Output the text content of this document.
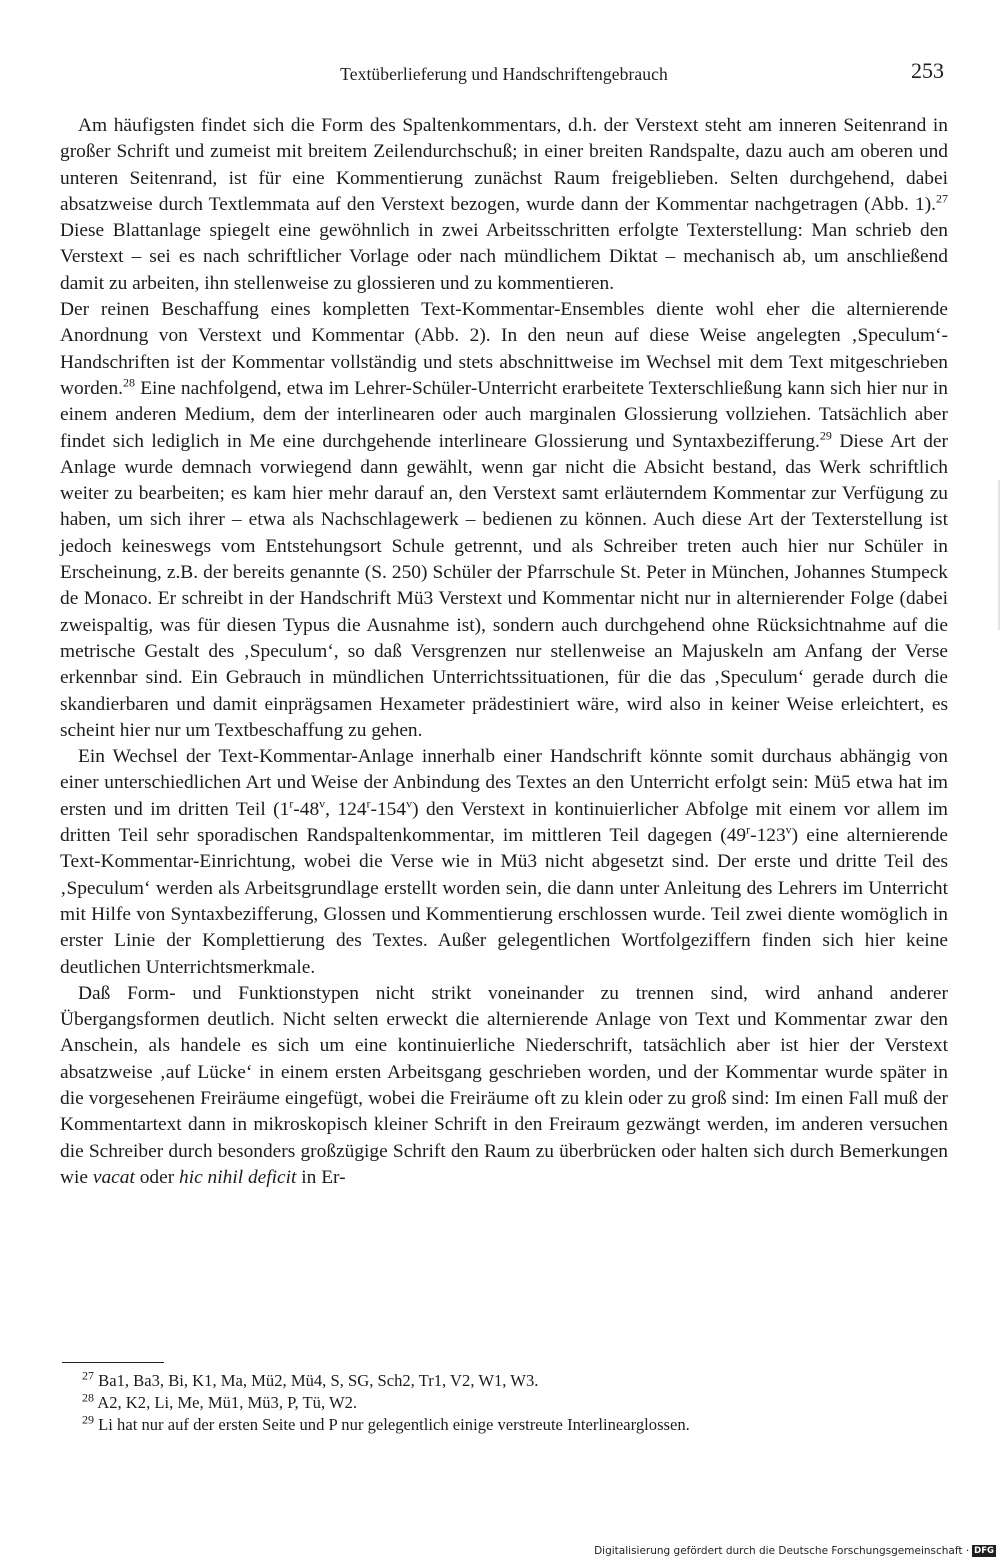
Textüberlieferung und Handschriftengebrauch	253

Am häufigsten findet sich die Form des Spaltenkommentars, d.h. der Verstext steht am inneren Seitenrand in großer Schrift und zumeist mit breitem Zeilendurchschuß; in einer breiten Randspalte, dazu auch am oberen und unteren Seitenrand, ist für eine Kommentierung zunächst Raum freigeblieben. Selten durchgehend, dabei absatzweise durch Textlemmata auf den Verstext bezogen, wurde dann der Kommentar nachgetragen (Abb. 1).$^{27}$ Diese Blattanlage spiegelt eine gewöhnlich in zwei Arbeitsschritten erfolgte Texterstellung: Man schrieb den Verstext – sei es nach schriftlicher Vorlage oder nach mündlichem Diktat – mechanisch ab, um anschließend damit zu arbeiten, ihn stellenweise zu glossieren und zu kommentieren.

Der reinen Beschaffung eines kompletten Text-Kommentar-Ensembles diente wohl eher die alternierende Anordnung von Verstext und Kommentar (Abb. 2). In den neun auf diese Weise angelegten ‚Speculum‘-Handschriften ist der Kommentar vollständig und stets abschnittweise im Wechsel mit dem Text mitgeschrieben worden.$^{28}$ Eine nachfolgend, etwa im Lehrer-Schüler-Unterricht erarbeitete Texterschließung kann sich hier nur in einem anderen Medium, dem der interlinearen oder auch marginalen Glossierung vollziehen. Tatsächlich aber findet sich lediglich in Me eine durchgehende interlineare Glossierung und Syntaxbezifferung.$^{29}$ Diese Art der Anlage wurde demnach vorwiegend dann gewählt, wenn gar nicht die Absicht bestand, das Werk schriftlich weiter zu bearbeiten; es kam hier mehr darauf an, den Verstext samt erläuterndem Kommentar zur Verfügung zu haben, um sich ihrer – etwa als Nachschlagewerk – bedienen zu können. Auch diese Art der Texterstellung ist jedoch keineswegs vom Entstehungsort Schule getrennt, und als Schreiber treten auch hier nur Schüler in Erscheinung, z.B. der bereits genannte (S. 250) Schüler der Pfarrschule St. Peter in München, Johannes Stumpeck de Monaco. Er schreibt in der Handschrift Mü3 Verstext und Kommentar nicht nur in alternierender Folge (dabei zweispaltig, was für diesen Typus die Ausnahme ist), sondern auch durchgehend ohne Rücksichtnahme auf die metrische Gestalt des ‚Speculum‘, so daß Versgrenzen nur stellenweise an Majuskeln am Anfang der Verse erkennbar sind. Ein Gebrauch in mündlichen Unterrichtssituationen, für die das ‚Speculum‘ gerade durch die skandierbaren und damit einprägsamen Hexameter prädestiniert wäre, wird also in keiner Weise erleichtert, es scheint hier nur um Textbeschaffung zu gehen.

Ein Wechsel der Text-Kommentar-Anlage innerhalb einer Handschrift könnte somit durchaus abhängig von einer unterschiedlichen Art und Weise der Anbindung des Textes an den Unterricht erfolgt sein: Mü5 etwa hat im ersten und im dritten Teil (1$^r$-48$^v$, 124$^r$-154$^v$) den Verstext in kontinuierlicher Abfolge mit einem vor allem im dritten Teil sehr sporadischen Randspaltenkommentar, im mittleren Teil dagegen (49$^r$-123$^v$) eine alternierende Text-Kommentar-Einrichtung, wobei die Verse wie in Mü3 nicht abgesetzt sind. Der erste und dritte Teil des ‚Speculum‘ werden als Arbeitsgrundlage erstellt worden sein, die dann unter Anleitung des Lehrers im Unterricht mit Hilfe von Syntaxbezifferung, Glossen und Kommentierung erschlossen wurde. Teil zwei diente womöglich in erster Linie der Komplettierung des Textes. Außer gelegentlichen Wortfolgeziffern finden sich hier keine deutlichen Unterrichtsmerkmale.

Daß Form- und Funktionstypen nicht strikt voneinander zu trennen sind, wird anhand anderer Übergangsformen deutlich. Nicht selten erweckt die alternierende Anlage von Text und Kommentar zwar den Anschein, als handele es sich um eine kontinuierliche Niederschrift, tatsächlich aber ist hier der Verstext absatzweise ‚auf Lücke‘ in einem ersten Arbeitsgang geschrieben worden, und der Kommentar wurde später in die vorgesehenen Freiräume eingefügt, wobei die Freiräume oft zu klein oder zu groß sind: Im einen Fall muß der Kommentartext dann in mikroskopisch kleiner Schrift in den Freiraum gezwängt werden, im anderen versuchen die Schreiber durch besonders großzügige Schrift den Raum zu überbrücken oder halten sich durch Bemerkungen wie vacat oder hic nihil deficit in Er-

$^{27}$ Ba1, Ba3, Bi, K1, Ma, Mü2, Mü4, S, SG, Sch2, Tr1, V2, W1, W3.

$^{28}$ A2, K2, Li, Me, Mü1, Mü3, P, Tü, W2.

$^{29}$ Li hat nur auf der ersten Seite und P nur gelegentlich einige verstreute Interlinearglossen.

Digitalisierung gefördert durch die Deutsche Forschungsgemeinschaft · DFG
